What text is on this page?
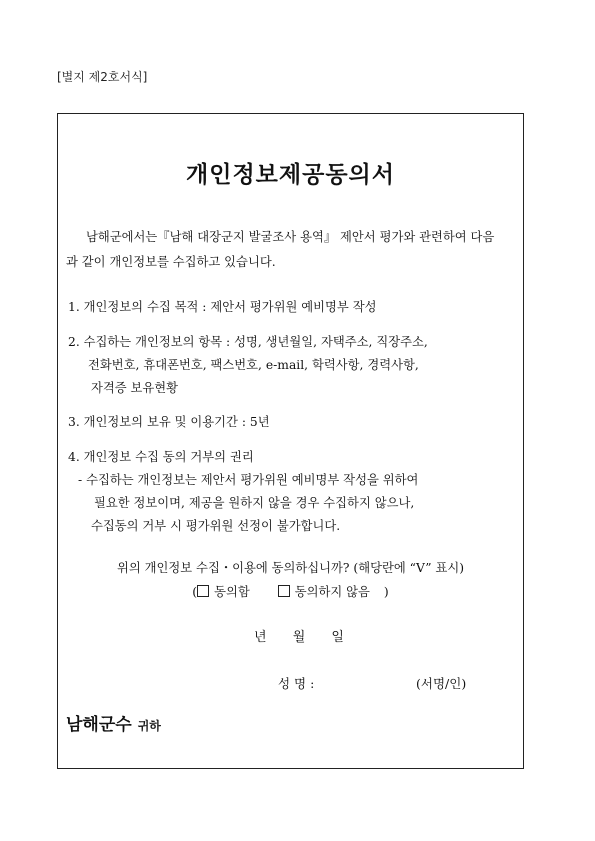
[별지 제2호서식]
개인정보제공동의서
남해군에서는『남해 대장군지 발굴조사 용역』 제안서 평가와 관련하여 다음
과 같이 개인정보를 수집하고 있습니다.
1. 개인정보의 수집 목적 : 제안서 평가위원 예비명부 작성
2. 수집하는 개인정보의 항목 : 성명, 생년월일, 자택주소, 직장주소,
전화번호, 휴대폰번호, 팩스번호, e-mail, 학력사항, 경력사항,
자격증 보유현황
3. 개인정보의 보유 및 이용기간 : 5년
4. 개인정보 수집 동의 거부의 권리
- 수집하는 개인정보는 제안서 평가위원 예비명부 작성을 위하여
필요한 정보이며, 제공을 원하지 않을 경우 수집하지 않으나,
수집동의 거부 시 평가위원 선정이 불가합니다.
위의 개인정보 수집・이용에 동의하십니까? (해당란에 “V” 표시)
( 동의함	동의하지 않음 )
년 월 일
성 명 :	(서명/인)
남해군수 귀하
